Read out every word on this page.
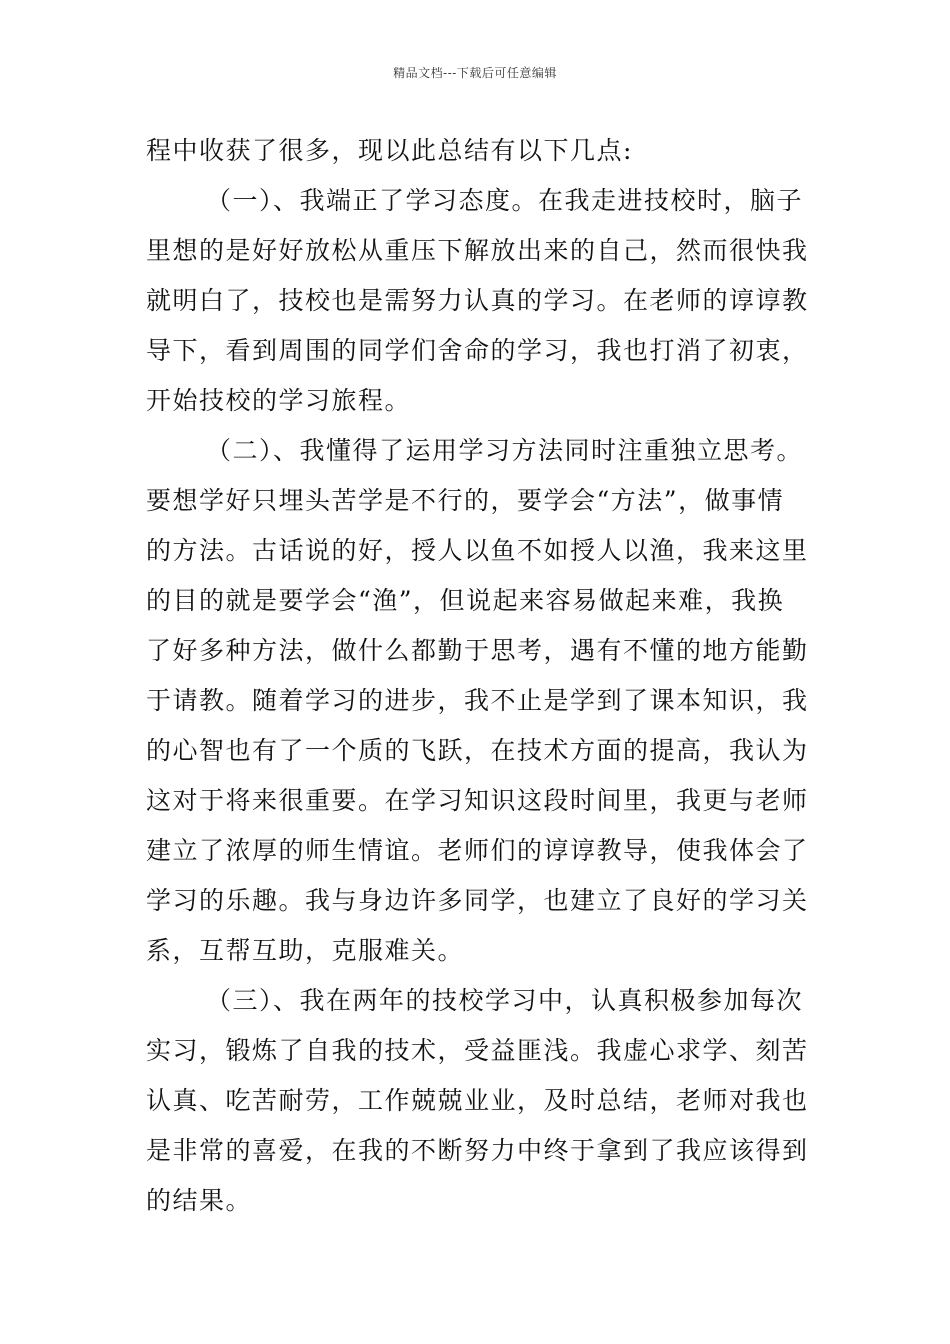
精品文档---下载后可任意编辑
程中收获了很多，现以此总结有以下几点:
（一）、我端正了学习态度。在我走进技校时，脑子
里想的是好好放松从重压下解放出来的自己，然而很快我
就明白了，技校也是需努力认真的学习。在老师的谆谆教
导下，看到周围的同学们舍命的学习，我也打消了初衷，
开始技校的学习旅程。
（二）、我懂得了运用学习方法同时注重独立思考。
要想学好只埋头苦学是不行的，要学会“方法”，做事情
的方法。古话说的好，授人以鱼不如授人以渔，我来这里
的目的就是要学会“渔”，但说起来容易做起来难，我换
了好多种方法，做什么都勤于思考，遇有不懂的地方能勤
于请教。随着学习的进步，我不止是学到了课本知识，我
的心智也有了一个质的飞跃，在技术方面的提高，我认为
这对于将来很重要。在学习知识这段时间里，我更与老师
建立了浓厚的师生情谊。老师们的谆谆教导，使我体会了
学习的乐趣。我与身边许多同学，也建立了良好的学习关
系，互帮互助，克服难关。
（三）、我在两年的技校学习中，认真积极参加每次
实习，锻炼了自我的技术，受益匪浅。我虚心求学、刻苦
认真、吃苦耐劳，工作兢兢业业，及时总结，老师对我也
是非常的喜爱，在我的不断努力中终于拿到了我应该得到
的结果。
